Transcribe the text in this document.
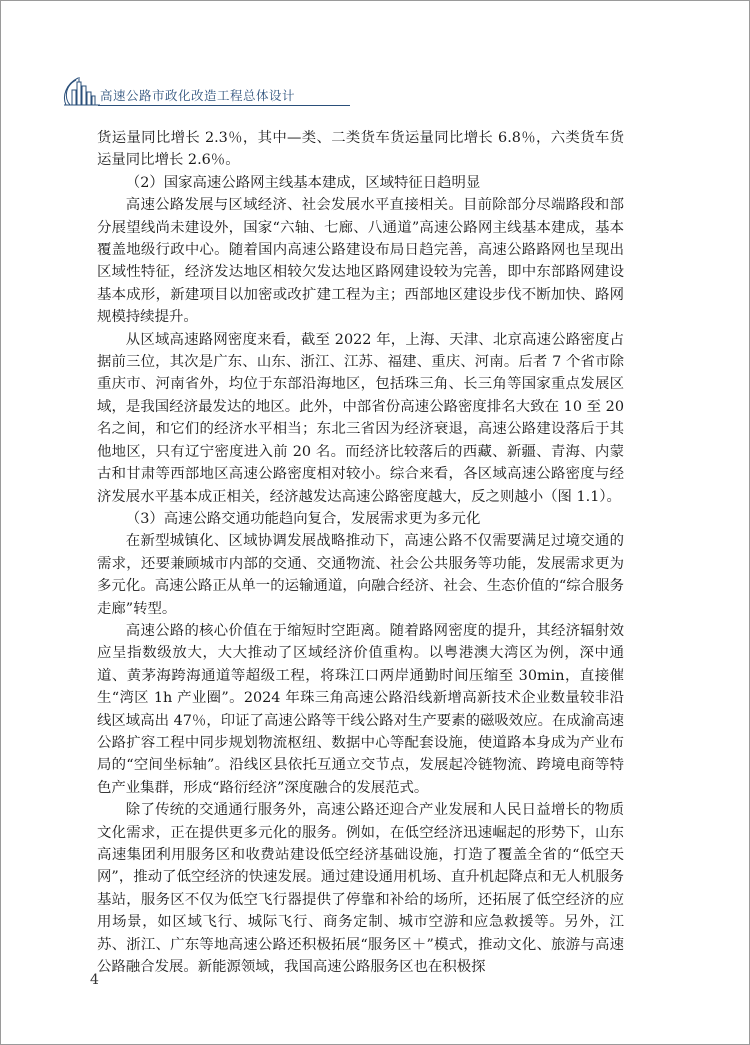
高速公路市政化改造工程总体设计

货运量同比增长 2.3％，其中—类、二类货车货运量同比增长 6.8％，六类货车货运量同比增长 2.6％。

（2）国家高速公路网主线基本建成，区域特征日趋明显

高速公路发展与区域经济、社会发展水平直接相关。目前除部分尽端路段和部分展望线尚未建设外，国家“六轴、七廊、八通道”高速公路网主线基本建成，基本覆盖地级行政中心。随着国内高速公路建设布局日趋完善，高速公路路网也呈现出区域性特征，经济发达地区相较欠发达地区路网建设较为完善，即中东部路网建设基本成形，新建项目以加密或改扩建工程为主；西部地区建设步伐不断加快、路网规模持续提升。

从区域高速路网密度来看，截至 2022 年，上海、天津、北京高速公路密度占据前三位，其次是广东、山东、浙江、江苏、福建、重庆、河南。后者 7 个省市除重庆市、河南省外，均位于东部沿海地区，包括珠三角、长三角等国家重点发展区域，是我国经济最发达的地区。此外，中部省份高速公路密度排名大致在 10 至 20 名之间，和它们的经济水平相当；东北三省因为经济衰退，高速公路建设落后于其他地区，只有辽宁密度进入前 20 名。而经济比较落后的西藏、新疆、青海、内蒙古和甘肃等西部地区高速公路密度相对较小。综合来看，各区域高速公路密度与经济发展水平基本成正相关，经济越发达高速公路密度越大，反之则越小（图 1.1）。

（3）高速公路交通功能趋向复合，发展需求更为多元化

在新型城镇化、区域协调发展战略推动下，高速公路不仅需要满足过境交通的需求，还要兼顾城市内部的交通、交通物流、社会公共服务等功能，发展需求更为多元化。高速公路正从单一的运输通道，向融合经济、社会、生态价值的“综合服务走廊”转型。

高速公路的核心价值在于缩短时空距离。随着路网密度的提升，其经济辐射效应呈指数级放大，大大推动了区域经济价值重构。以粤港澳大湾区为例，深中通道、黄茅海跨海通道等超级工程，将珠江口两岸通勤时间压缩至 30min，直接催生“湾区 1h 产业圈”。2024 年珠三角高速公路沿线新增高新技术企业数量较非沿线区域高出 47％，印证了高速公路等干线公路对生产要素的磁吸效应。在成渝高速公路扩容工程中同步规划物流枢纽、数据中心等配套设施，使道路本身成为产业布局的“空间坐标轴”。沿线区县依托互通立交节点，发展起冷链物流、跨境电商等特色产业集群，形成“路衍经济”深度融合的发展范式。

除了传统的交通通行服务外，高速公路还迎合产业发展和人民日益增长的物质文化需求，正在提供更多元化的服务。例如，在低空经济迅速崛起的形势下，山东高速集团利用服务区和收费站建设低空经济基础设施，打造了覆盖全省的“低空天网”，推动了低空经济的快速发展。通过建设通用机场、直升机起降点和无人机服务基站，服务区不仅为低空飞行器提供了停靠和补给的场所，还拓展了低空经济的应用场景，如区域飞行、城际飞行、商务定制、城市空游和应急救援等。另外，江苏、浙江、广东等地高速公路还积极拓展“服务区＋”模式，推动文化、旅游与高速公路融合发展。新能源领域，我国高速公路服务区也在积极探

4
